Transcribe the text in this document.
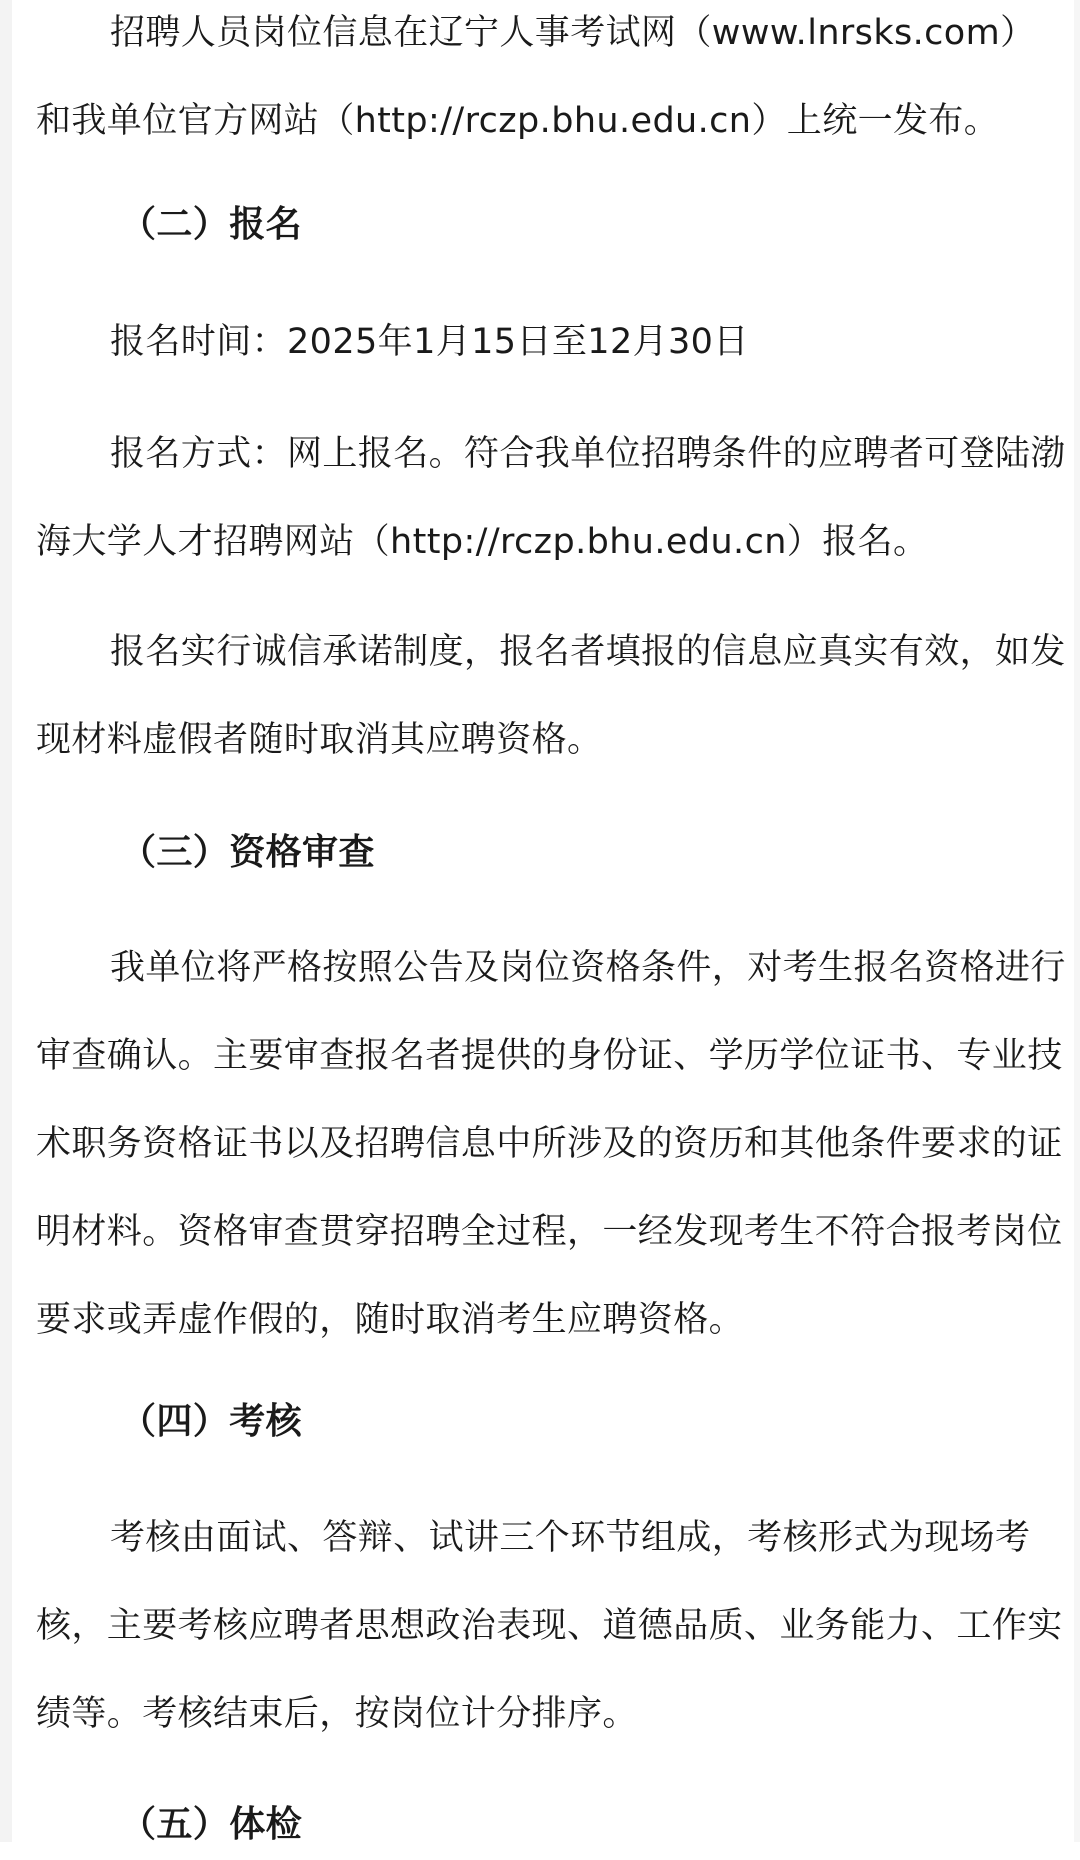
招聘人员岗位信息在辽宁人事考试网（www.lnrsks.com）和我单位官方网站（http://rczp.bhu.edu.cn）上统一发布。

（二）报名

报名时间：2025年1月15日至12月30日

报名方式：网上报名。符合我单位招聘条件的应聘者可登陆渤海大学人才招聘网站（http://rczp.bhu.edu.cn）报名。

报名实行诚信承诺制度，报名者填报的信息应真实有效，如发现材料虚假者随时取消其应聘资格。

（三）资格审查

我单位将严格按照公告及岗位资格条件，对考生报名资格进行审查确认。主要审查报名者提供的身份证、学历学位证书、专业技术职务资格证书以及招聘信息中所涉及的资历和其他条件要求的证明材料。资格审查贯穿招聘全过程，一经发现考生不符合报考岗位要求或弄虚作假的，随时取消考生应聘资格。

（四）考核

考核由面试、答辩、试讲三个环节组成，考核形式为现场考核，主要考核应聘者思想政治表现、道德品质、业务能力、工作实绩等。考核结束后，按岗位计分排序。

（五）体检
